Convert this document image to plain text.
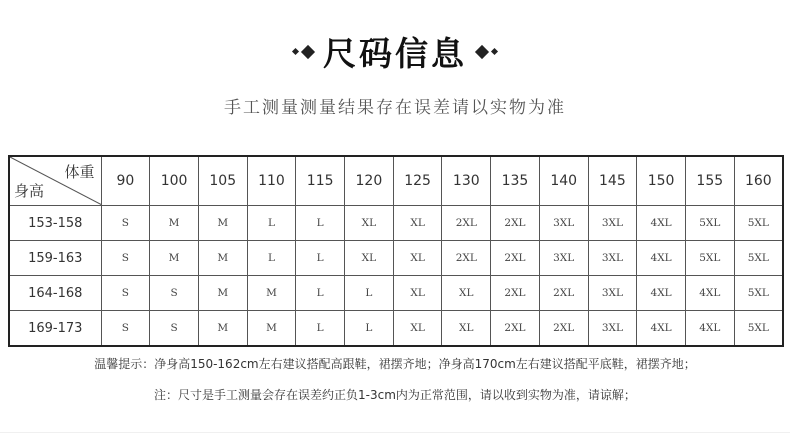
尺码信息
手工测量测量结果存在误差请以实物为准
体重
身高	90	100	105	110	115	120	125	130	135	140	145	150	155	160
153-158	S	M	M	L	L	XL	XL	2XL	2XL	3XL	3XL	4XL	5XL	5XL
159-163	S	M	M	L	L	XL	XL	2XL	2XL	3XL	3XL	4XL	5XL	5XL
164-168	S	S	M	M	L	L	XL	XL	2XL	2XL	3XL	4XL	4XL	5XL
169-173	S	S	M	M	L	L	XL	XL	2XL	2XL	3XL	4XL	4XL	5XL
温馨提示：净身高150-162cm左右建议搭配高跟鞋，裙摆齐地；净身高170cm左右建议搭配平底鞋，裙摆齐地；
注：尺寸是手工测量会存在误差约正负1-3cm内为正常范围，请以收到实物为准，请谅解；
